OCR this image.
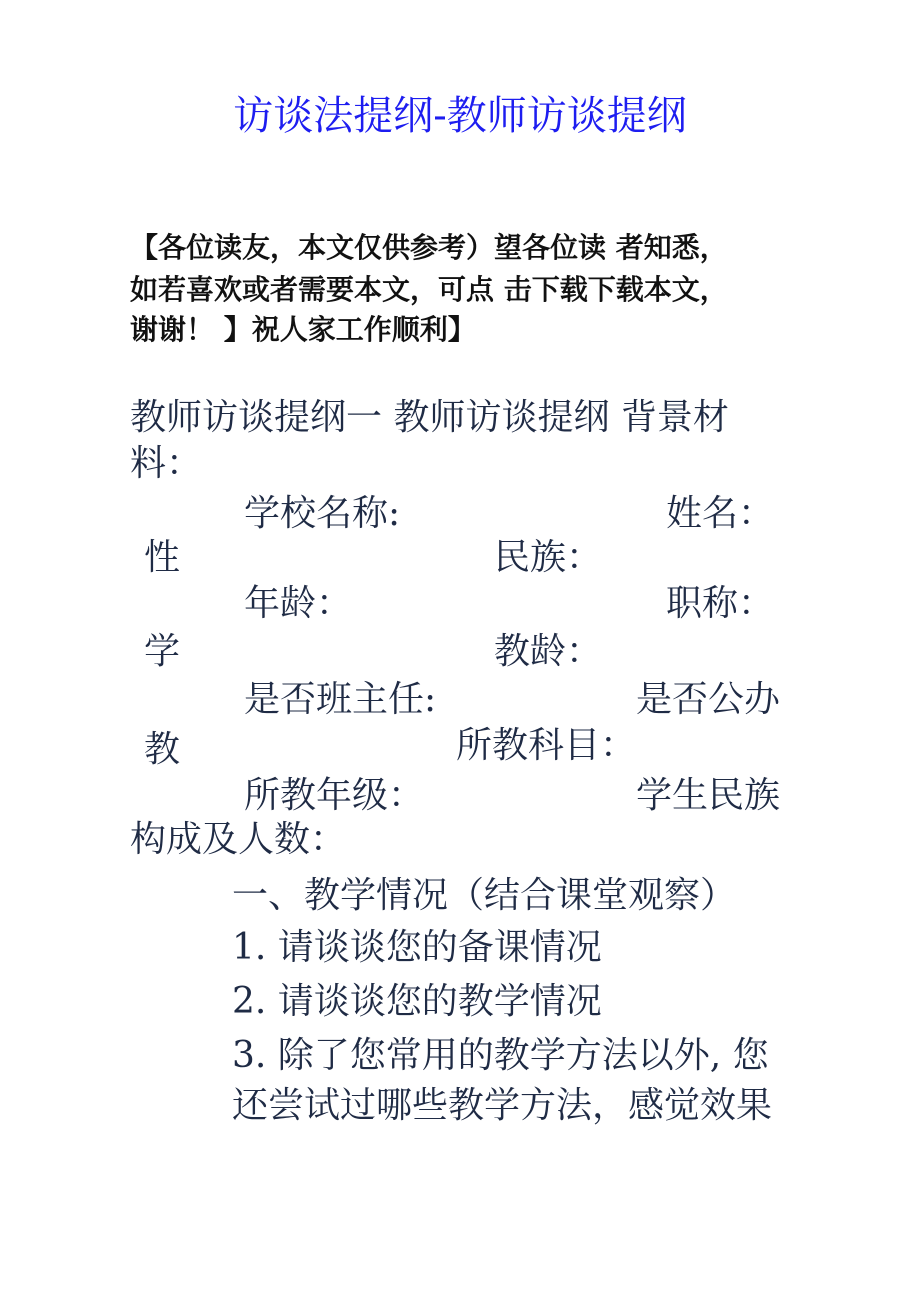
访谈法提纲-教师访谈提纲
【各位读友，本文仅供参考）望各位读 者知悉，
如若喜欢或者需要本文，可点 击下载下载本文，
谢谢！ 】祝人家工作顺利】
教师访谈提纲一 教师访谈提纲 背景材
料：
学校名称:	姓名：
性	民族：
年龄：	职称：
学	教龄：
是否班主任:	是否公办
教	所教科目：
所教年级：	学生民族
构成及人数：
一、教学情况（结合课堂观察）
1. 请谈谈您的备课情况
2. 请谈谈您的教学情况
3. 除了您常用的教学方法以外, 您
还尝试过哪些教学方法，感觉效果
